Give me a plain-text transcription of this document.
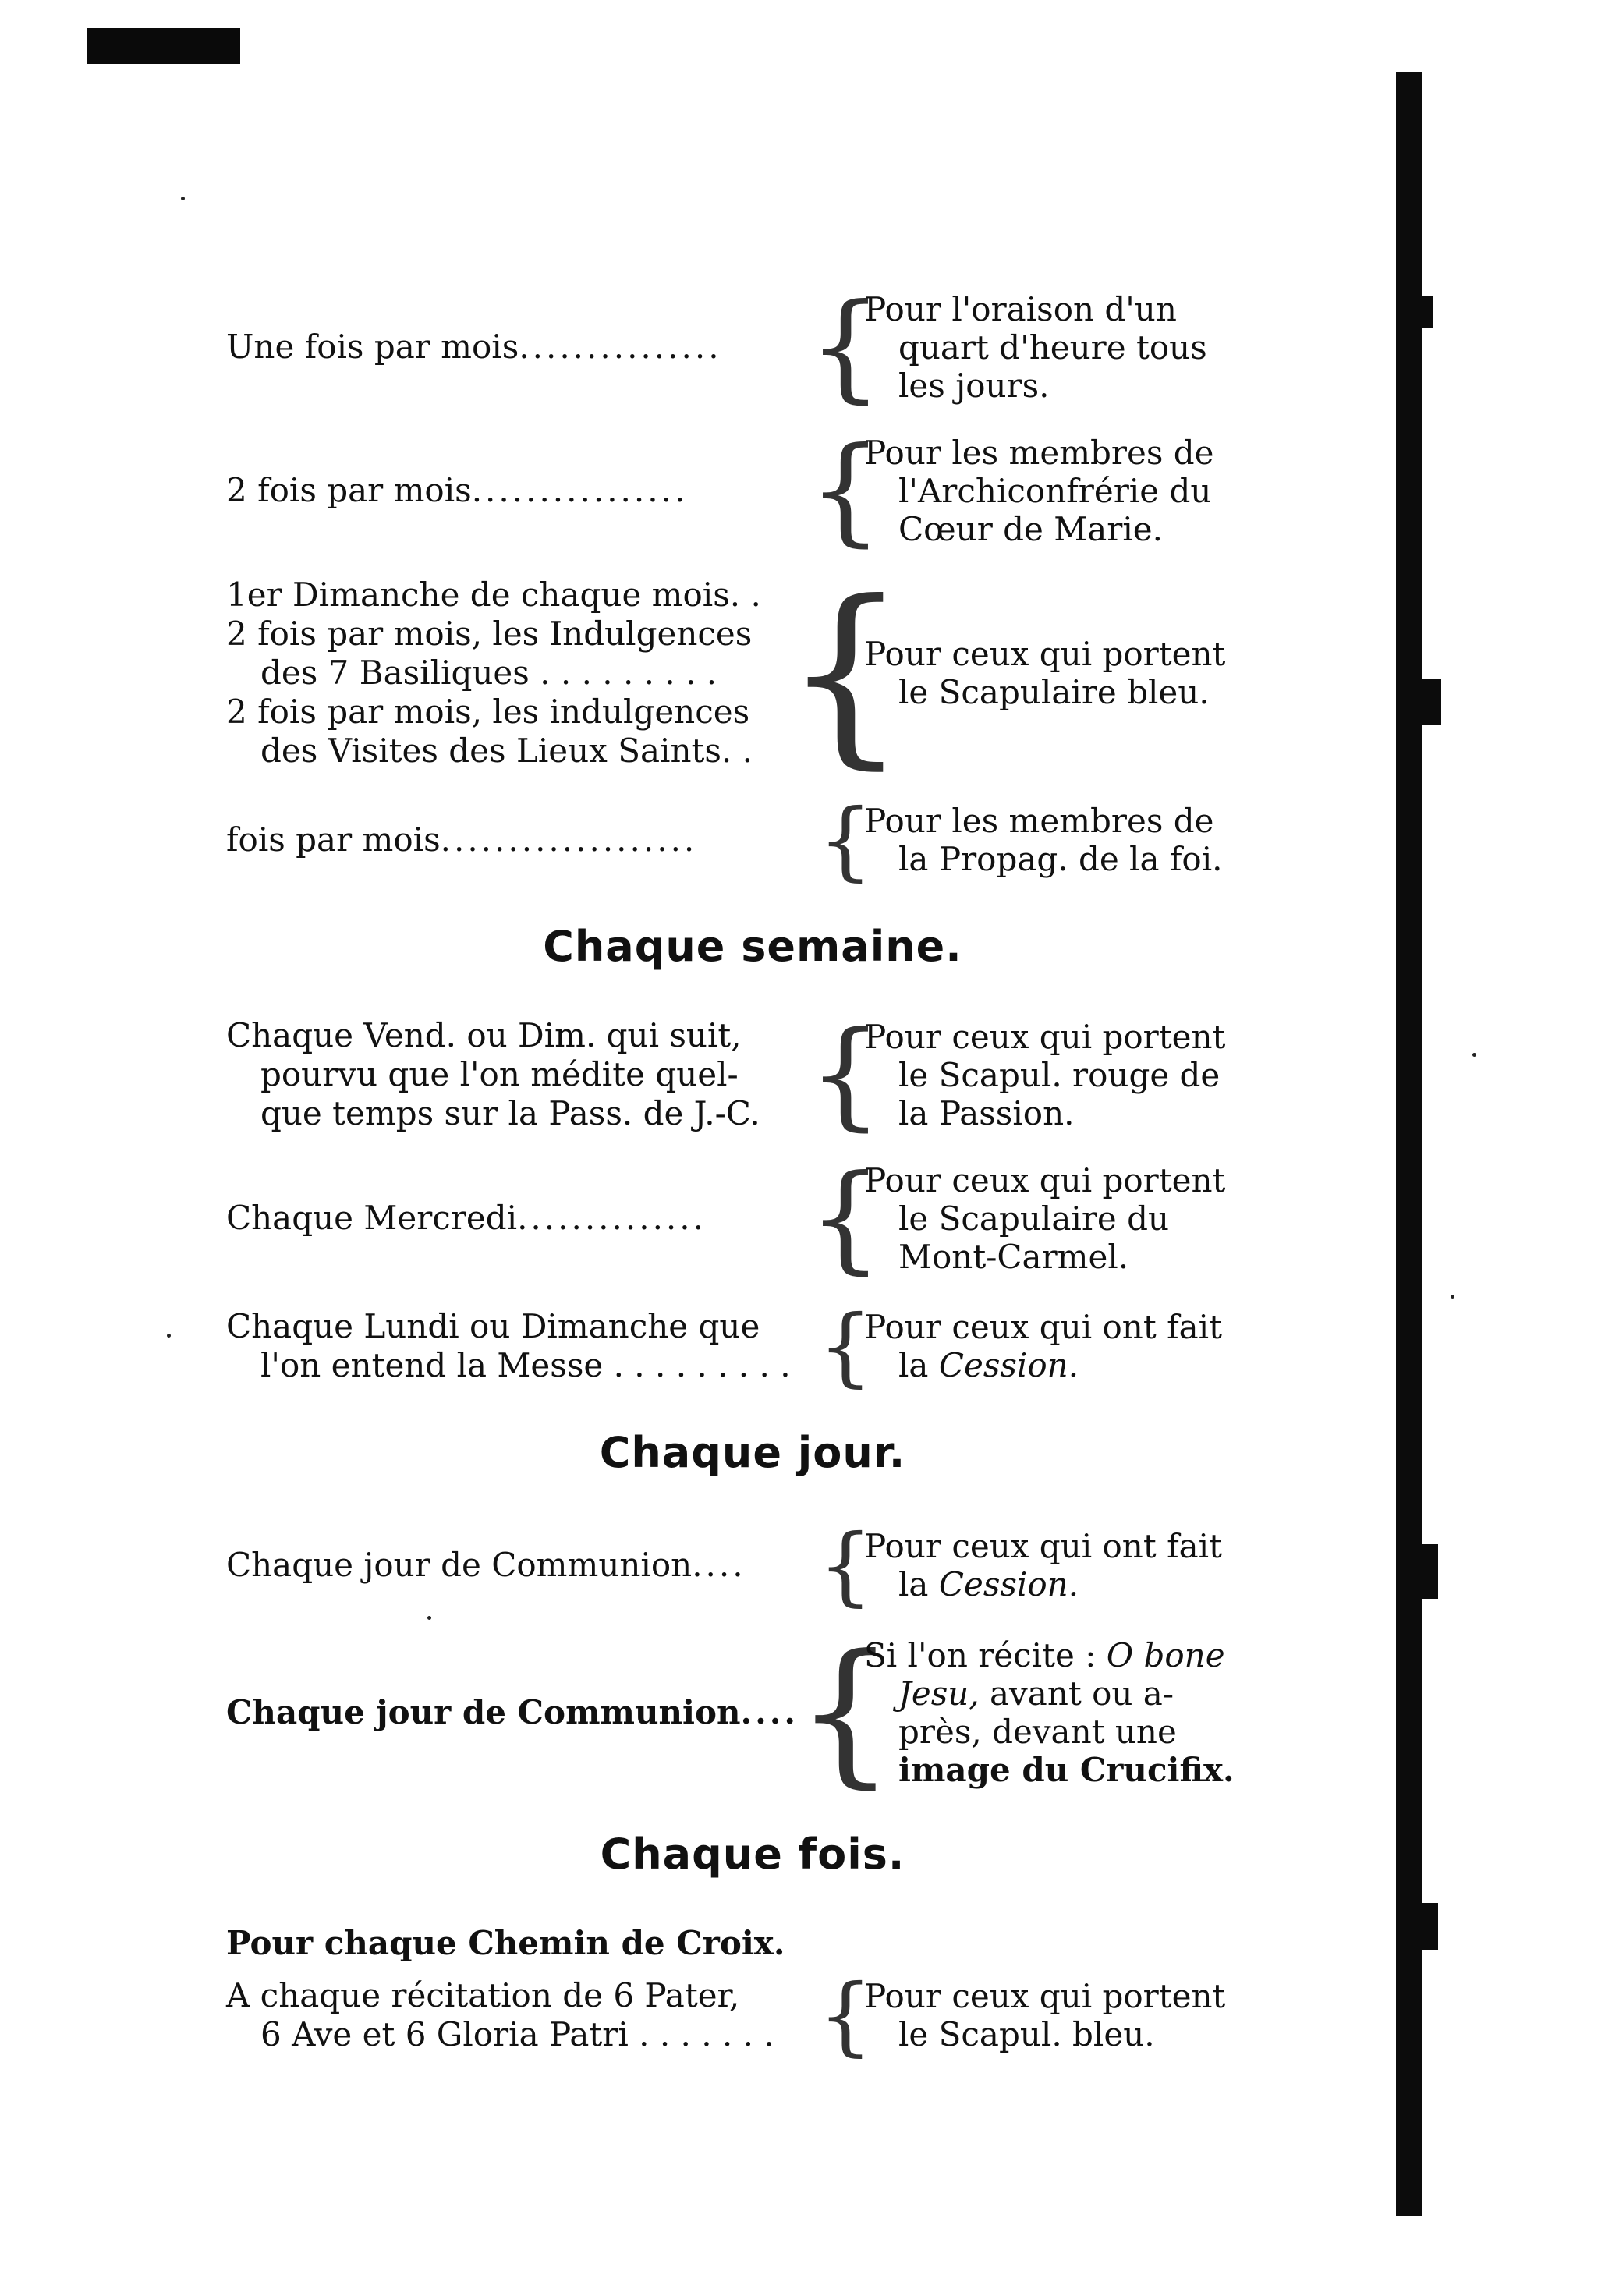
Une fois par mois............... {
Pour l'oraison d'un
quart d'heure tous
les jours.
2 fois par mois................	{
Pour les membres de
l'Archiconfrérie du
Cœur de Marie.
1er Dimanche de chaque mois. .
2 fois par mois, les Indulgences
des 7 Basiliques . . . . . . . . .
2 fois par mois, les indulgences
des Visites des Lieux Saints. . {
Pour ceux qui portent
le Scapulaire bleu.
fois par mois...................	{
Pour les membres de
la Propag. de la foi.
Chaque semaine.
Chaque Vend. ou Dim. qui suit,
pourvu que l'on médite quel-
que temps sur la Pass. de J.-C. {
Pour ceux qui portent
le Scapul. rouge de
la Passion.
Chaque Mercredi.............. {
Pour ceux qui portent
le Scapulaire du
Mont-Carmel.
Chaque Lundi ou Dimanche que
l'on entend la Messe . . . . . . . . . {
Pour ceux qui ont fait
la Cession.
Chaque jour.
Chaque jour de Communion.... {
Pour ceux qui ont fait
la Cession.
Chaque jour de Communion....
{
Si l'on récite : O bone
Jesu, avant ou a-
près, devant une
image du Crucifix.
Chaque fois.
Pour chaque Chemin de Croix.
A chaque récitation de 6 Pater,
6 Ave et 6 Gloria Patri . . . . . . . {
Pour ceux qui portent
le Scapul. bleu.
